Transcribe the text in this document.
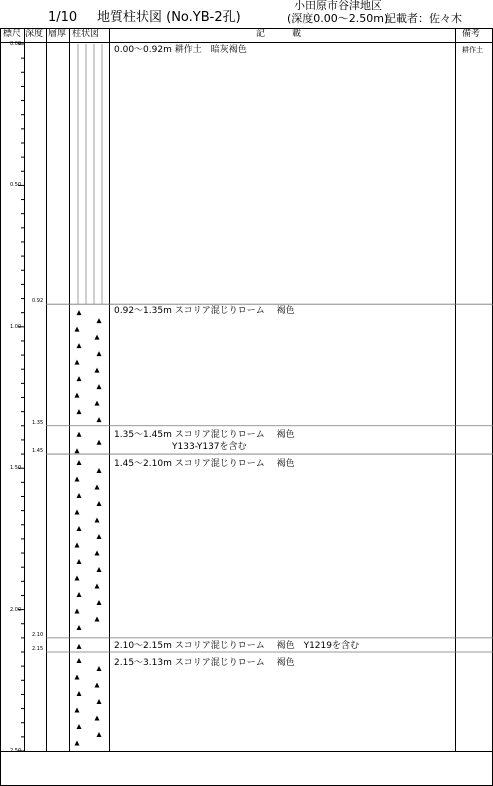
1/10 地質柱状図 (No.YB-2孔)
小田原市谷津地区
(深度0.00～2.50m)
記載者：佐々木
標尺 深度 層厚 柱状図	記　　　載	備考
0.00
0.50
1.00
1.50
2.00
2.50
0.92
1.35
1.45
2.10
2.15
0.00～0.92m 耕作土　暗灰褐色
0.92～1.35m スコリア混じりローム　 褐色
1.35～1.45m スコリア混じりローム　 褐色
Y133-Y137を含む
1.45～2.10m スコリア混じりローム　 褐色
2.10～2.15m スコリア混じりローム　 褐色　Y1219を含む
2.15～3.13m スコリア混じりローム　 褐色
耕作土
